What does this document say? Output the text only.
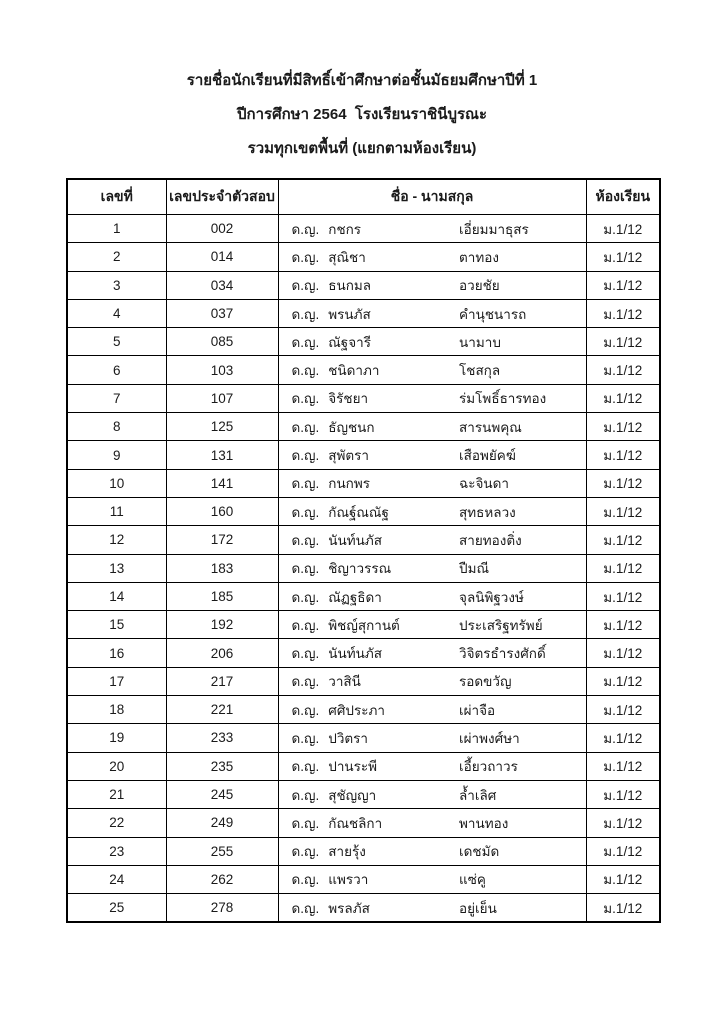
รายชื่อนักเรียนที่มีสิทธิ์เข้าศึกษาต่อชั้นมัธยมศึกษาปีที่ 1
ปีการศึกษา 2564  โรงเรียนราชินีบูรณะ
รวมทุกเขตพื้นที่ (แยกตามห้องเรียน)
เลขที่	เลขประจำตัวสอบ	ชื่อ - นามสกุล	ห้องเรียน
1	002	ด.ญ. กชกร เอี่ยมมาธุสร	ม.1/12
2	014	ด.ญ. สุณิชา ตาทอง	ม.1/12
3	034	ด.ญ. ธนกมล อวยชัย	ม.1/12
4	037	ด.ญ. พรนภัส คำนุชนารถ	ม.1/12
5	085	ด.ญ. ณัฐจารี นามาบ	ม.1/12
6	103	ด.ญ. ชนิดาภา โชสกุล	ม.1/12
7	107	ด.ญ. จิรัชยา ร่มโพธิ์ธารทอง	ม.1/12
8	125	ด.ญ. ธัญชนก สารนพคุณ	ม.1/12
9	131	ด.ญ. สุพัตรา เสือพยัคฆ์	ม.1/12
10	141	ด.ญ. กนกพร ฉะจินดา	ม.1/12
11	160	ด.ญ. กัณฐ์ณณัฐ สุทธหลวง	ม.1/12
12	172	ด.ญ. นันท์นภัส สายทองติ่ง	ม.1/12
13	183	ด.ญ. ชิญาวรรณ ปืมณี	ม.1/12
14	185	ด.ญ. ณัฏฐธิดา จุลนิพิฐวงษ์	ม.1/12
15	192	ด.ญ. พิชญ์สุกานต์ ประเสริฐทรัพย์	ม.1/12
16	206	ด.ญ. นันท์นภัส วิจิตรธำรงศักดิ์	ม.1/12
17	217	ด.ญ. วาสินี รอดขวัญ	ม.1/12
18	221	ด.ญ. ศศิประภา เผ่าจือ	ม.1/12
19	233	ด.ญ. ปวิตรา เผ่าพงศ์ษา	ม.1/12
20	235	ด.ญ. ปานระพี เอี้ยวถาวร	ม.1/12
21	245	ด.ญ. สุชัญญา ล้ำเลิศ	ม.1/12
22	249	ด.ญ. กัณชลิกา พานทอง	ม.1/12
23	255	ด.ญ. สายรุ้ง เดชมัด	ม.1/12
24	262	ด.ญ. แพรวา แซ่คู	ม.1/12
25	278	ด.ญ. พรลภัส อยู่เย็น	ม.1/12
